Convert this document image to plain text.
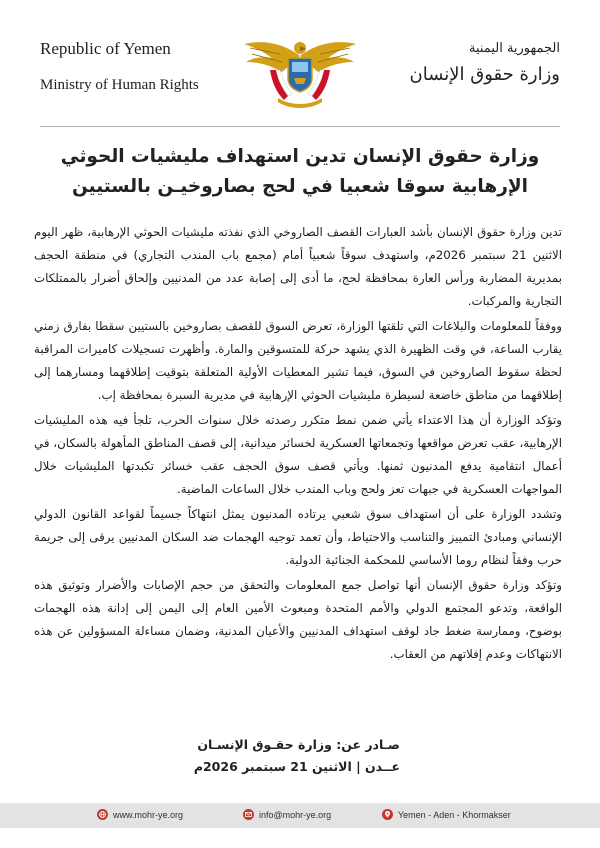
Republic of Yemen
Ministry of Human Rights
الجمهورية اليمنية
وزارة حقوق الإنسان
وزارة حقوق الإنسان تدين استهداف مليشيات الحوثي
الإرهابية سوقا شعبيا في لحج بصاروخيـن بالستيين

تدين وزارة حقوق الإنسان بأشد العبارات القصف الصاروخي الذي نفذته مليشيات الحوثي الإرهابية، ظهر اليوم الاثنين 21 سبتمبر 2026م، واستهدف سوقاً شعبياً أمام (مجمع باب المندب التجاري) في منطقة الحجف بمديرية المضاربة ورأس العارة بمحافظة لحج، ما أدى إلى إصابة عدد من المدنيين وإلحاق أضرار بالممتلكات التجارية والمركبات.

ووفقاً للمعلومات والبلاغات التي تلقتها الوزارة، تعرض السوق للقصف بصاروخين بالستيين سقطا بفارق زمني يقارب الساعة، في وقت الظهيرة الذي يشهد حركة للمتسوقين والمارة. وأظهرت تسجيلات كاميرات المراقبة لحظة سقوط الصاروخين في السوق، فيما تشير المعطيات الأولية المتعلقة بتوقيت إطلاقهما ومسارهما إلى إطلاقهما من مناطق خاضعة لسيطرة مليشيات الحوثي الإرهابية في مديرية السبرة بمحافظة إب.

وتؤكد الوزارة أن هذا الاعتداء يأتي ضمن نمط متكرر رصدته خلال سنوات الحرب، تلجأ فيه هذه المليشيات الإرهابية، عقب تعرض مواقعها وتجمعاتها العسكرية لخسائر ميدانية، إلى قصف المناطق المأهولة بالسكان، في أعمال انتقامية يدفع المدنيون ثمنها. ويأتي قصف سوق الحجف عقب خسائر تكبدتها المليشيات خلال المواجهات العسكرية في جبهات تعز ولحج وباب المندب خلال الساعات الماضية.

وتشدد الوزارة على أن استهداف سوق شعبي يرتاده المدنيون يمثل انتهاكاً جسيماً لقواعد القانون الدولي الإنساني ومبادئ التمييز والتناسب والاحتياط، وأن تعمد توجيه الهجمات ضد السكان المدنيين يرقى إلى جريمة حرب وفقاً لنظام روما الأساسي للمحكمة الجنائية الدولية.

وتؤكد وزارة حقوق الإنسان أنها تواصل جمع المعلومات والتحقق من حجم الإصابات والأضرار وتوثيق هذه الواقعة، وتدعو المجتمع الدولي والأمم المتحدة ومبعوث الأمين العام إلى اليمن إلى إدانة هذه الهجمات بوضوح، وممارسة ضغط جاد لوقف استهداف المدنيين والأعيان المدنية، وضمان مساءلة المسؤولين عن هذه الانتهاكات وعدم إفلاتهم من العقاب.

صـادر عن: وزارة حقـوق الإنسـان
عــدن | الاثنين 21 سبتمبر 2026م
www.mohr-ye.org	info@mohr-ye.org	Yemen - Aden - Khormakser
